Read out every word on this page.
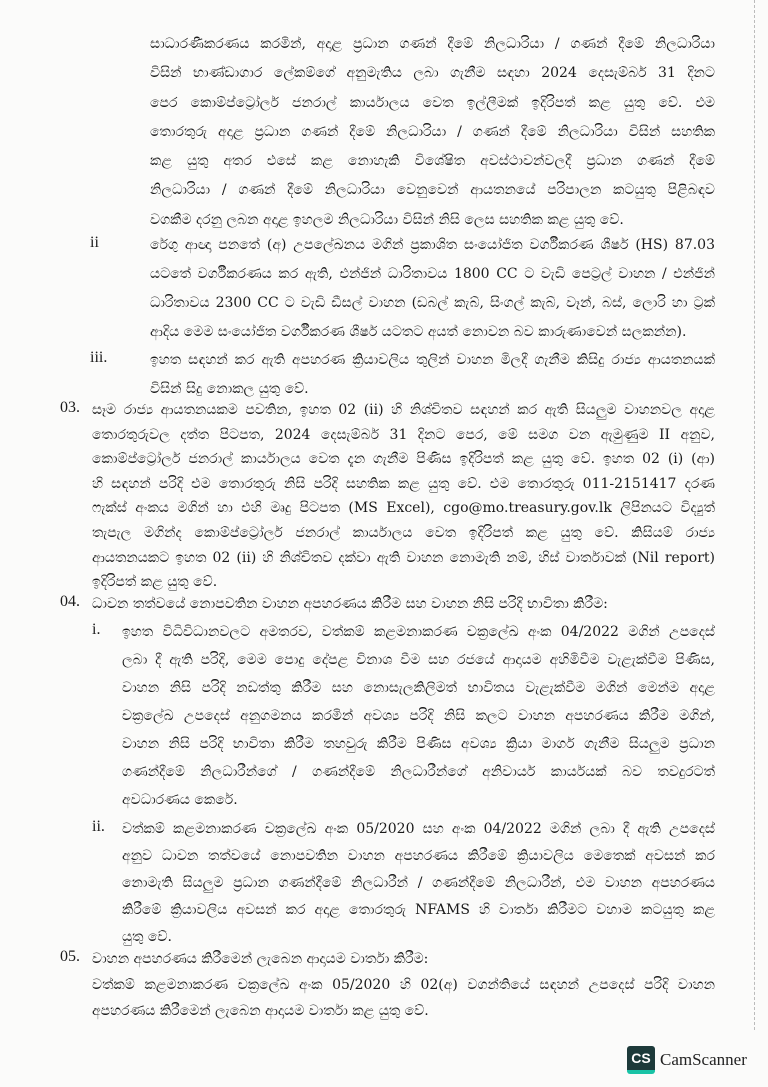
සාධාරණීකරණය කරමින්, අදාළ ප්‍රධාන ගණන් දීමේ නිලධාරියා / ගණන් දීමේ නිලධාරියා
විසින් භාණ්ඩාගාර ලේකම්ගේ අනුමැතිය ලබා ගැනීම සඳහා 2024 දෙසැම්බර් 31 දිනට
පෙර කොම්ප්ට්‍රෝලර් ජනරාල් කාර්යාලය වෙත ඉල්ලීමක් ඉදිරිපත් කළ යුතු වේ. එම
තොරතුරු අදාළ ප්‍රධාන ගණන් දීමේ නිලධාරියා / ගණන් දීමේ නිලධාරියා විසින් සහතික
කළ යුතු අතර එසේ කළ නොහැකි විශේෂිත අවස්ථාවන්වලදී ප්‍රධාන ගණන් දීමේ
නිලධාරියා / ගණන් දීමේ නිලධාරියා වෙනුවෙන් ආයතනයේ පරිපාලන කටයුතු පිළිබඳව
වගකීම දරනු ලබන අදාළ ඉහලම නිලධාරියා විසින් නිසි ලෙස සහතික කළ යුතු වේ.
ii	රේගු ආඥා පනතේ (අ) උපලේඛනය මගින් ප්‍රකාශිත සංයෝජිත වර්ගීකරණ ශීර්ෂ (HS) 87.03
යටතේ වර්ගීකරණය කර ඇති, එන්ජින් ධාරිතාවය 1800 CC ට වැඩි පෙට්‍රල් වාහන / එන්ජින්
ධාරිතාවය 2300 CC ට වැඩි ඩීසල් වාහන (ඩබල් කැබ්, සිංගල් කැබ්, වෑන්, බස්, ලොරි හා ට්‍රක්
ආදිය මෙම සංයෝජිත වර්ගීකරණ ශීර්ෂ යටතට අයත් නොවන බව කාරුණාවෙන් සලකන්න).
iii.	ඉහත සඳහන් කර ඇති අපහරණ ක්‍රියාවලිය තුලින් වාහන මිලදී ගැනීම කිසිදු රාජ්‍ය ආයතනයක්
විසින් සිදු නොකල යුතු වේ.
03. සෑම රාජ්‍ය ආයතනයකම පවතින, ඉහත 02 (ii) හි නිශ්චිතව සඳහන් කර ඇති සියලුම වාහනවල අදාළ
තොරතුරුවල දත්ත පිටපත, 2024 දෙසැම්බර් 31 දිනට පෙර, මේ සමග වන ඇමුණුම II අනුව,
කොම්ප්ට්‍රෝලර් ජනරාල් කාර්යාලය වෙත දැන ගැනීම පිණිස ඉදිරිපත් කළ යුතු වේ. ඉහත 02 (i) (ආ)
හි සඳහන් පරිදි එම තොරතුරු නිසි පරිදි සහතික කළ යුතු වේ. එම තොරතුරු 011-2151417 දරණ
ෆැක්ස් අංකය මගින් හා එහි මෘදු පිටපත (MS Excel), cgo@mo.treasury.gov.lk ලිපිනයට විද්‍යුත්
තැපැල මගින්ද කොම්ප්ට්‍රෝලර් ජනරාල් කාර්යාලය වෙත ඉදිරිපත් කළ යුතු වේ. කිසියම් රාජ්‍ය
ආයතනයකට ඉහත 02 (ii) හි නිශ්චිතව දක්වා ඇති වාහන නොමැති නම්, හිස් වාර්තාවක් (Nil report)
ඉදිරිපත් කළ යුතු වේ.
04. ධාවන තත්වයේ නොපවතින වාහන අපහරණය කිරීම සහ වාහන නිසි පරිදි භාවිතා කිරීම:
i. ඉහත විධිවිධානවලට අමතරව, වත්කම් කළමනාකරණ චක්‍රලේඛ අංක 04/2022 මගින් උපදෙස්
ලබා දී ඇති පරිදි, මෙම පොදු දේපළ විනාශ වීම සහ රජයේ ආදායම අහිමිවීම වැළැක්වීම පිණිස,
වාහන නිසි පරිදි නඩත්තු කිරීම සහ නොසැලකිලිමත් භාවිතය වැළැක්වීම මගින් මෙන්ම අදාළ
චක්‍රලේඛ උපදෙස් අනුගමනය කරමින් අවශ්‍ය පරිදි නිසි කලට වාහන අපහරණය කිරීම මගින්,
වාහන නිසි පරිදි භාවිතා කිරීම තහවුරු කිරීම පිණිස අවශ්‍ය ක්‍රියා මාර්ග ගැනීම සියලුම ප්‍රධාන
ගණන්දීමේ නිලධාරීන්ගේ / ගණන්දීමේ නිලධාරීන්ගේ අනිවාර්ය කාර්යයක් බව තවදුරටත්
අවධාරණය කෙරේ.
ii. වත්කම් කළමනාකරණ චක්‍රලේඛ අංක 05/2020 සහ අංක 04/2022 මගින් ලබා දී ඇති උපදෙස්
අනුව ධාවන තත්වයේ නොපවතින වාහන අපහරණය කිරීමේ ක්‍රියාවලිය මෙතෙක් අවසන් කර
නොමැති සියලුම ප්‍රධාන ගණන්දීමේ නිලධාරීන් / ගණන්දීමේ නිලධාරීන්, එම වාහන අපහරණය
කිරීමේ ක්‍රියාවලිය අවසන් කර අදාළ තොරතුරු NFAMS හි වාර්තා කිරීමට වහාම කටයුතු කළ
යුතු වේ.
05. වාහන අපහරණය කිරීමෙන් ලැබෙන ආදායම වාර්තා කිරීම:
වත්කම් කළමනාකරණ චක්‍රලේඛ අංක 05/2020 හි 02(අ) වගන්තියේ සඳහන් උපදෙස් පරිදි වාහන
අපහරණය කිරීමෙන් ලැබෙන ආදායම වාර්තා කළ යුතු වේ.
CS CamScanner
